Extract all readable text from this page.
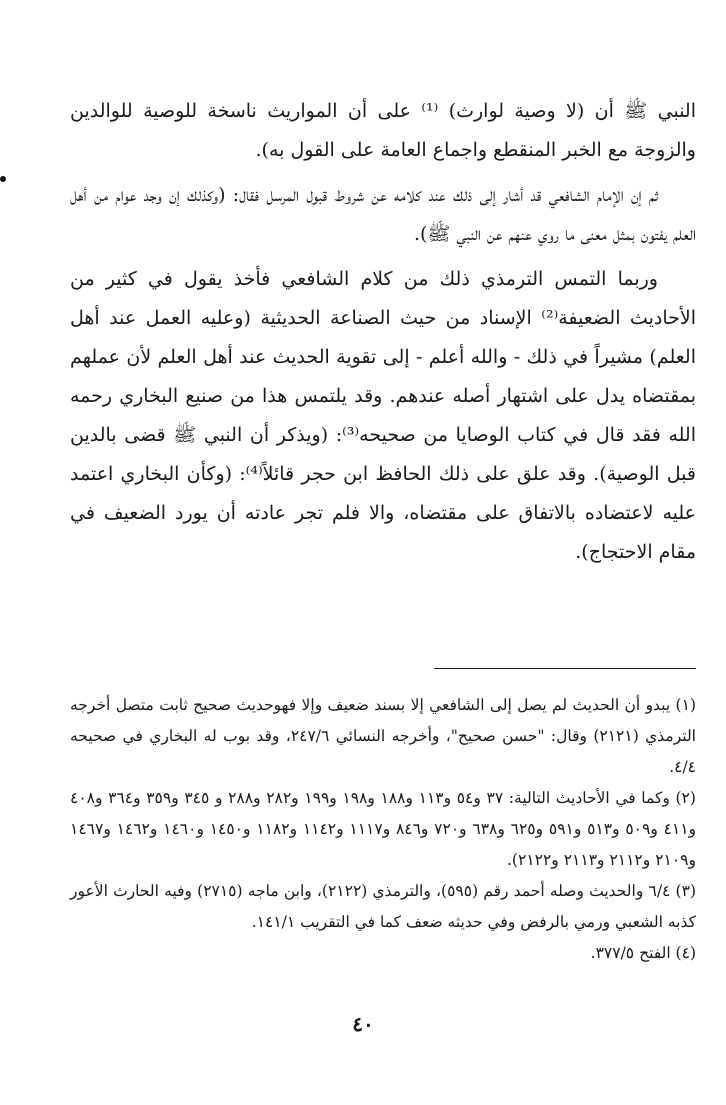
النبي ﷺ أن (لا وصية لوارث) ⁽¹⁾ على أن المواريث ناسخة للوصية للوالدين والزوجة مع الخبر المنقطع واجماع العامة على القول به).

ثم إن الإمام الشافعي قد أشار إلى ذلك عند كلامه عن شروط قبول المرسل فقال: (وكذلك إن وجد عوام من أهل العلم يفتون بمثل معنى ما روي عنهم عن النبي ﷺ).

وربما التمس الترمذي ذلك من كلام الشافعي فأخذ يقول في كثير من الأحاديث الضعيفة⁽²⁾ الإسناد من حيث الصناعة الحديثية (وعليه العمل عند أهل العلم) مشيراً في ذلك - والله أعلم - إلى تقوية الحديث عند أهل العلم لأن عملهم بمقتضاه يدل على اشتهار أصله عندهم. وقد يلتمس هذا من صنيع البخاري رحمه الله فقد قال في كتاب الوصايا من صحيحه⁽³⁾: (ويذكر أن النبي ﷺ قضى بالدين قبل الوصية). وقد علق على ذلك الحافظ ابن حجر قائلاً⁽⁴⁾: (وكأن البخاري اعتمد عليه لاعتضاده بالاتفاق على مقتضاه، والا فلم تجر عادته أن يورد الضعيف في مقام الاحتجاج).

(١) يبدو أن الحديث لم يصل إلى الشافعي إلا بسند ضعيف وإلا فهوحديث صحيح ثابت متصل أخرجه الترمذي (٢١٢١) وقال: "حسن صحيح"، وأخرجه النسائي ٢٤٧/٦، وقد بوب له البخاري في صحيحه ٤/٤.

(٢) وكما في الأحاديث التالية: ٣٧ و٥٤ و١١٣ و١٨٨ و١٩٨ و١٩٩ و٢٨٢ و٢٨٨ و ٣٤٥ و٣٥٩ و٣٦٤ و٤٠٨ و٤١١ و٥٠٩ و٥١٣ و٥٩١ و٦٢٥ و٦٣٨ و٧٢٠ و٨٤٦ و١١١٧ و١١٤٢ و١١٨٢ و١٤٥٠ و١٤٦٠ و١٤٦٢ و١٤٦٧ و٢١٠٩ و٢١١٢ و٢١١٣ و٢١٢٢).

(٣) ٦/٤ والحديث وصله أحمد رقم (٥٩٥)، والترمذي (٢١٢٢)، وابن ماجه (٢٧١٥) وفيه الحارث الأعور كذبه الشعبي ورمي بالرفض وفي حديثه ضعف كما في التقريب ١٤١/١.

(٤) الفتح ٣٧٧/٥.

٤٠
